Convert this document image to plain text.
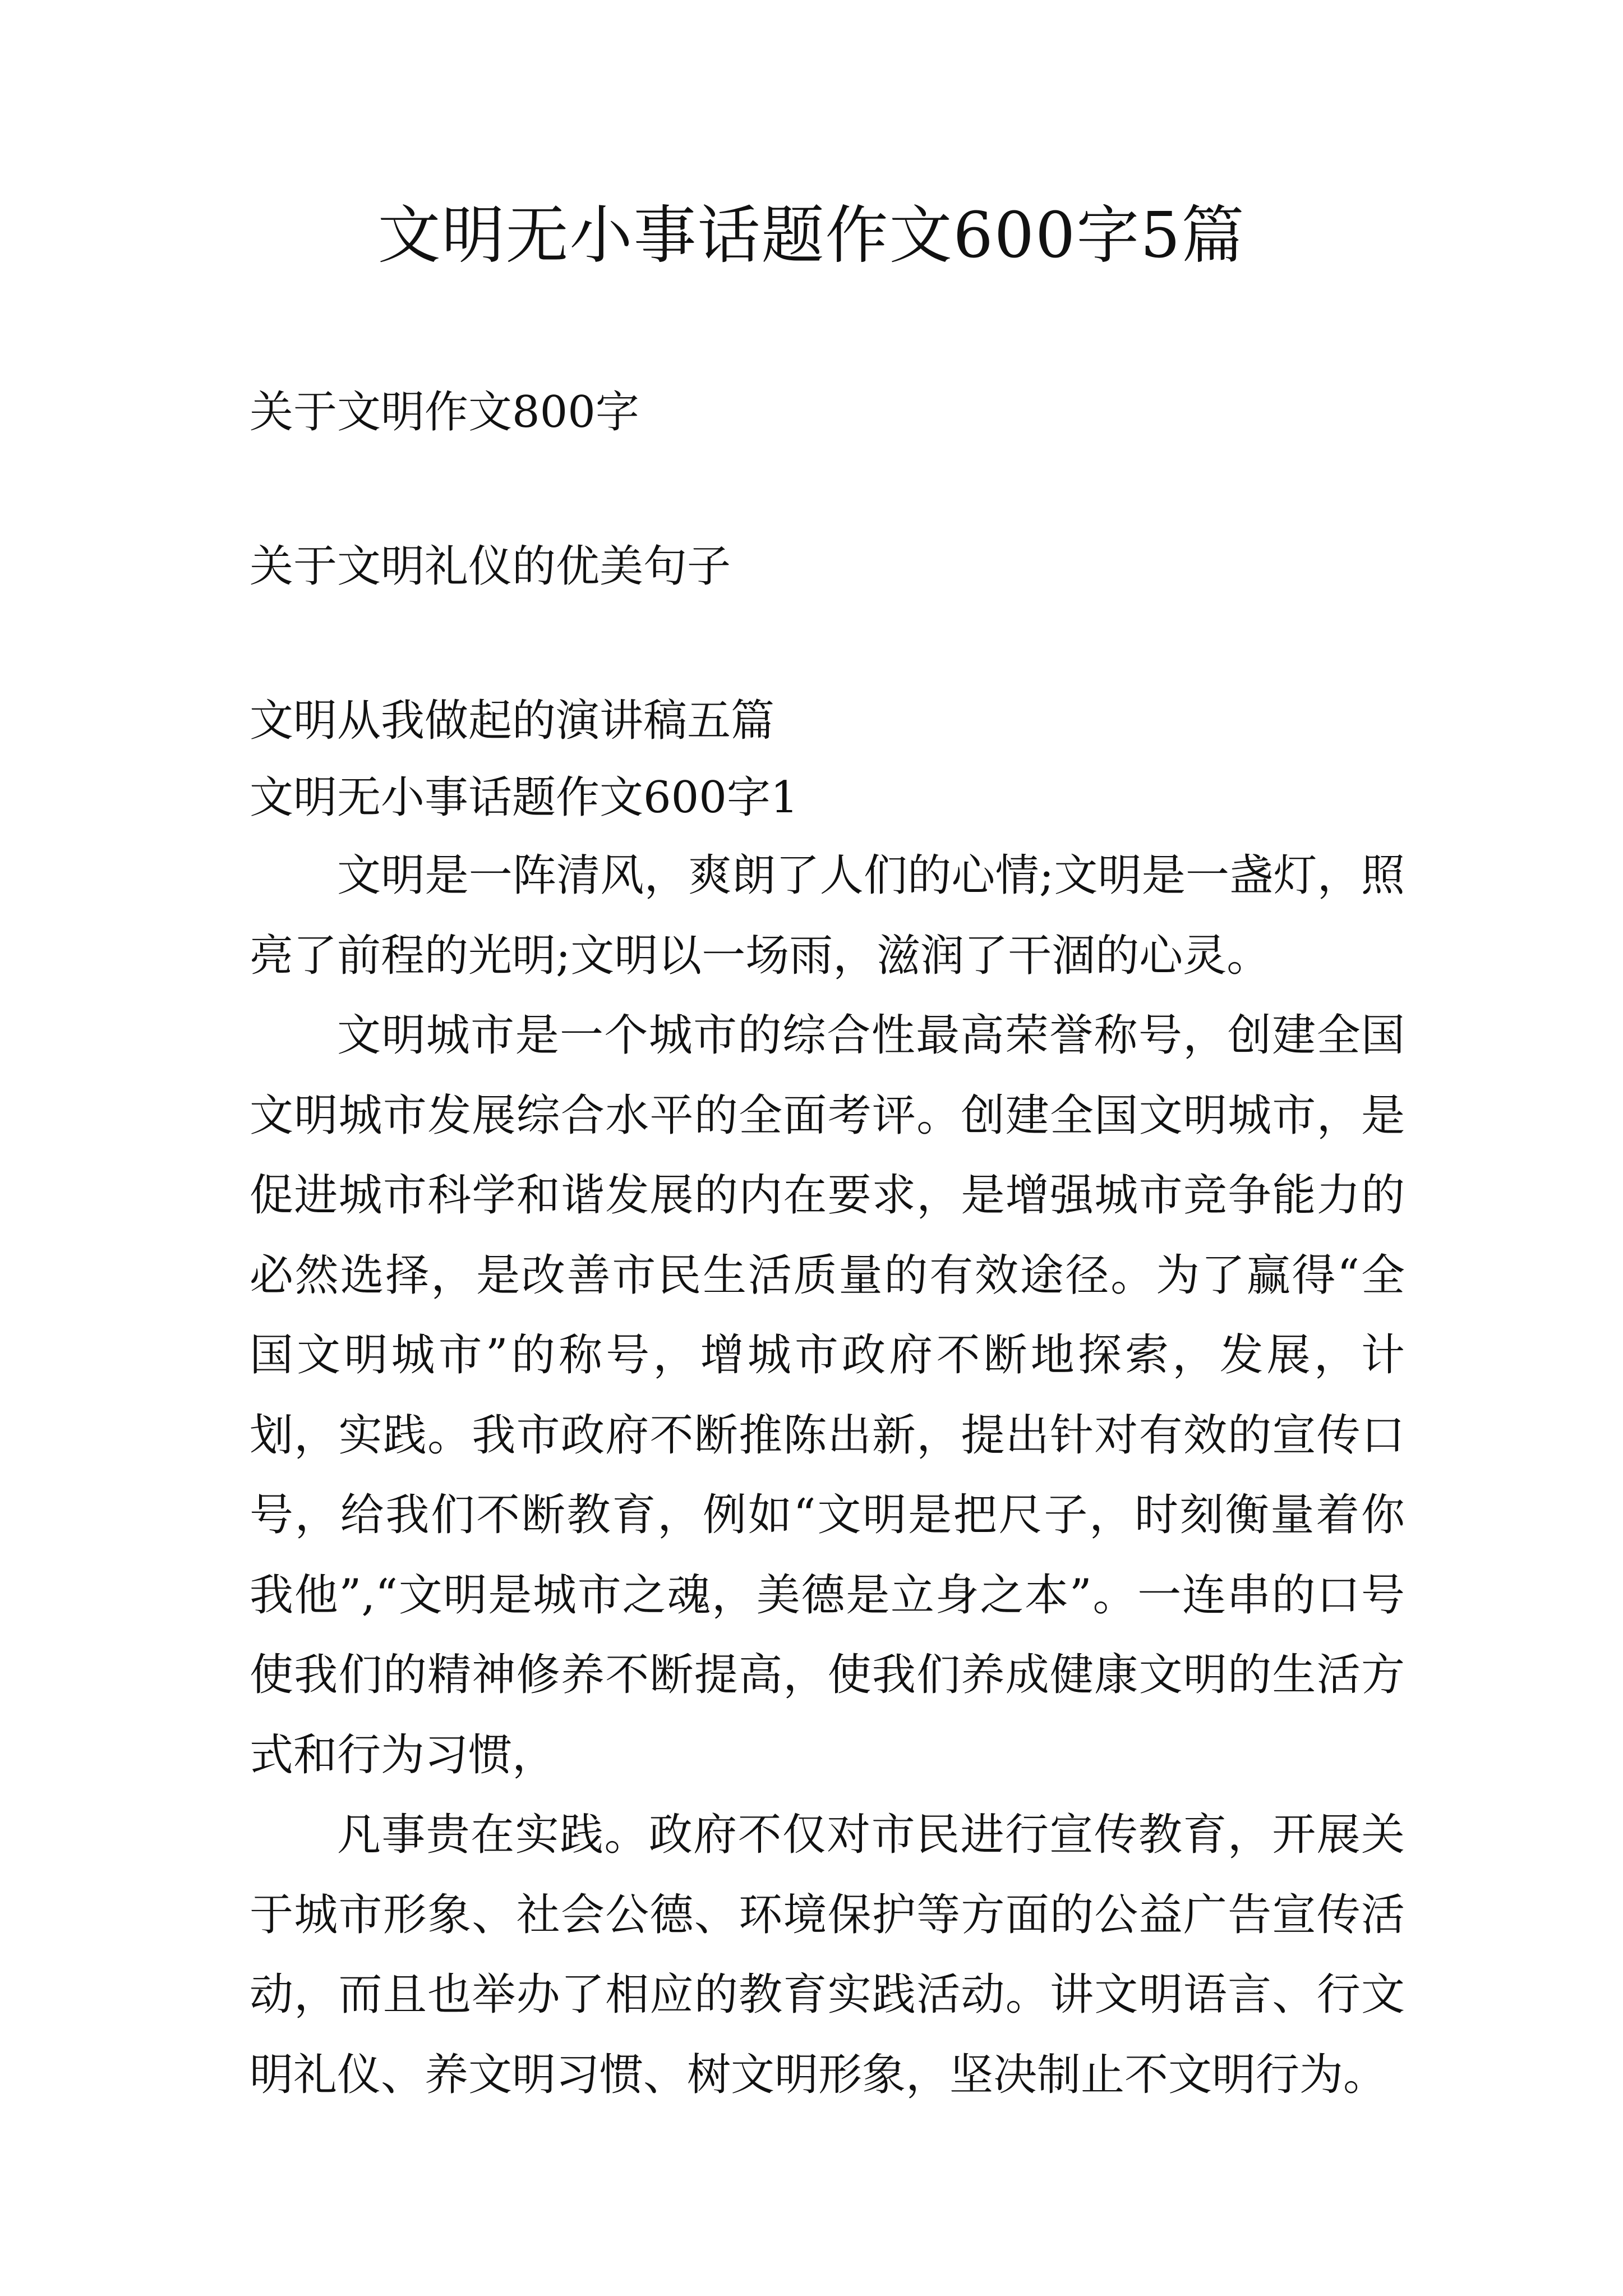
文明无小事话题作文600字5篇
关于文明作文800字
关于文明礼仪的优美句子
文明从我做起的演讲稿五篇
文明无小事话题作文600字1

文明是一阵清风，爽朗了人们的心情;文明是一盏灯，照亮了前程的光明;文明以一场雨，滋润了干涸的心灵。

文明城市是一个城市的综合性最高荣誉称号，创建全国文明城市发展综合水平的全面考评。创建全国文明城市，是促进城市科学和谐发展的内在要求，是增强城市竞争能力的必然选择，是改善市民生活质量的有效途径。为了赢得“全国文明城市”的称号，增城市政府不断地探索，发展，计划，实践。我市政府不断推陈出新，提出针对有效的宣传口号，给我们不断教育，例如“文明是把尺子，时刻衡量着你我他”,“文明是城市之魂，美德是立身之本”。一连串的口号使我们的精神修养不断提高，使我们养成健康文明的生活方式和行为习惯，

凡事贵在实践。政府不仅对市民进行宣传教育，开展关于城市形象、社会公德、环境保护等方面的公益广告宣传活动，而且也举办了相应的教育实践活动。讲文明语言、行文明礼仪、养文明习惯、树文明形象，坚决制止不文明行为。
